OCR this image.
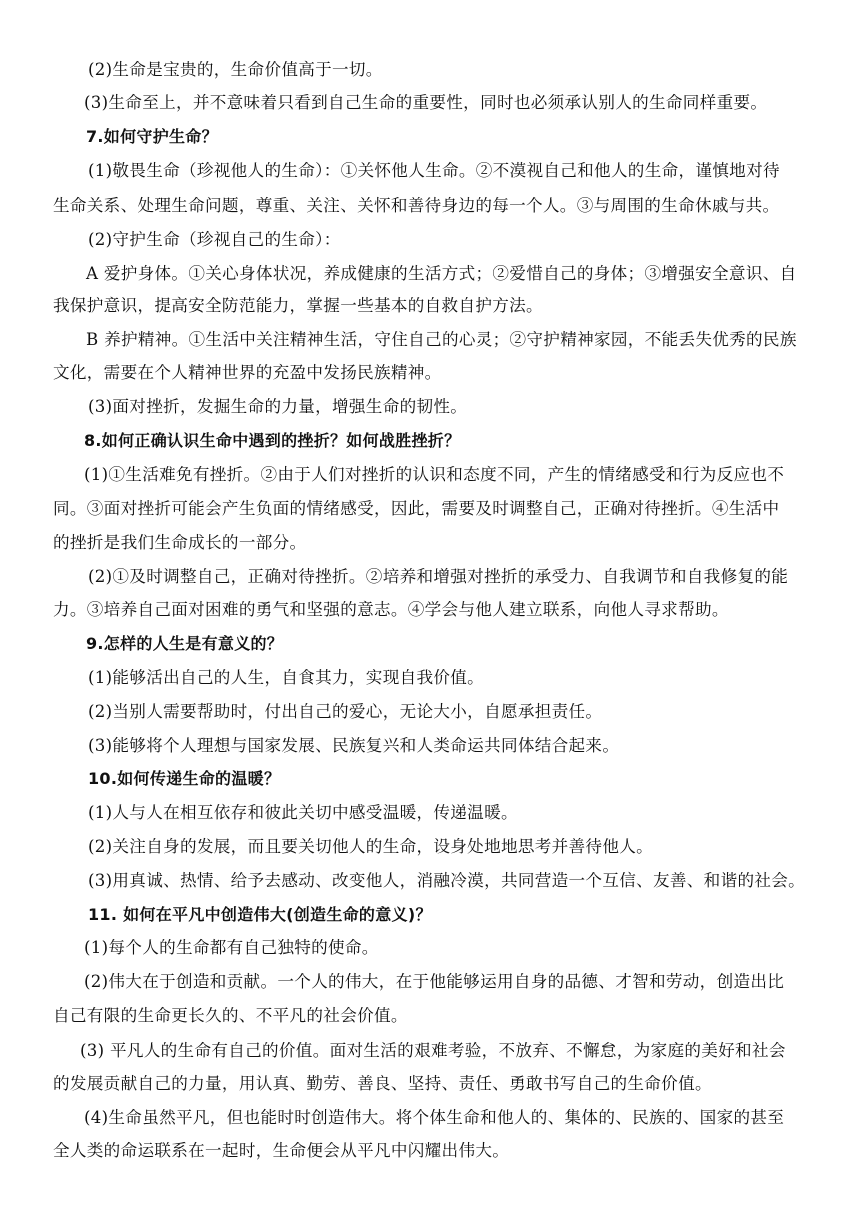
(2)生命是宝贵的，生命价值高于一切。
(3)生命至上，并不意味着只看到自己生命的重要性，同时也必须承认别人的生命同样重要。
7.如何守护生命？
(1)敬畏生命（珍视他人的生命）：①关怀他人生命。②不漠视自己和他人的生命，谨慎地对待
生命关系、处理生命问题，尊重、关注、关怀和善待身边的每一个人。③与周围的生命休戚与共。
(2)守护生命（珍视自己的生命）：
A 爱护身体。①关心身体状况，养成健康的生活方式；②爱惜自己的身体；③增强安全意识、自
我保护意识，提高安全防范能力，掌握一些基本的自救自护方法。
B 养护精神。①生活中关注精神生活，守住自己的心灵；②守护精神家园，不能丢失优秀的民族
文化，需要在个人精神世界的充盈中发扬民族精神。
(3)面对挫折，发掘生命的力量，增强生命的韧性。
8.如何正确认识生命中遇到的挫折？如何战胜挫折？
(1)①生活难免有挫折。②由于人们对挫折的认识和态度不同，产生的情绪感受和行为反应也不
同。③面对挫折可能会产生负面的情绪感受，因此，需要及时调整自己，正确对待挫折。④生活中
的挫折是我们生命成长的一部分。
(2)①及时调整自己，正确对待挫折。②培养和增强对挫折的承受力、自我调节和自我修复的能
力。③培养自己面对困难的勇气和坚强的意志。④学会与他人建立联系，向他人寻求帮助。
9.怎样的人生是有意义的？
(1)能够活出自己的人生，自食其力，实现自我价值。
(2)当别人需要帮助时，付出自己的爱心，无论大小，自愿承担责任。
(3)能够将个人理想与国家发展、民族复兴和人类命运共同体结合起来。
10.如何传递生命的温暖？
(1)人与人在相互依存和彼此关切中感受温暖，传递温暖。
(2)关注自身的发展，而且要关切他人的生命，设身处地地思考并善待他人。
(3)用真诚、热情、给予去感动、改变他人，消融冷漠，共同营造一个互信、友善、和谐的社会。
11. 如何在平凡中创造伟大(创造生命的意义)？
(1)每个人的生命都有自己独特的使命。
(2)伟大在于创造和贡献。一个人的伟大，在于他能够运用自身的品德、才智和劳动，创造出比
自己有限的生命更长久的、不平凡的社会价值。
(3) 平凡人的生命有自己的价值。面对生活的艰难考验，不放弃、不懈怠，为家庭的美好和社会
的发展贡献自己的力量，用认真、勤劳、善良、坚持、责任、勇敢书写自己的生命价值。
(4)生命虽然平凡，但也能时时创造伟大。将个体生命和他人的、集体的、民族的、国家的甚至
全人类的命运联系在一起时，生命便会从平凡中闪耀出伟大。
